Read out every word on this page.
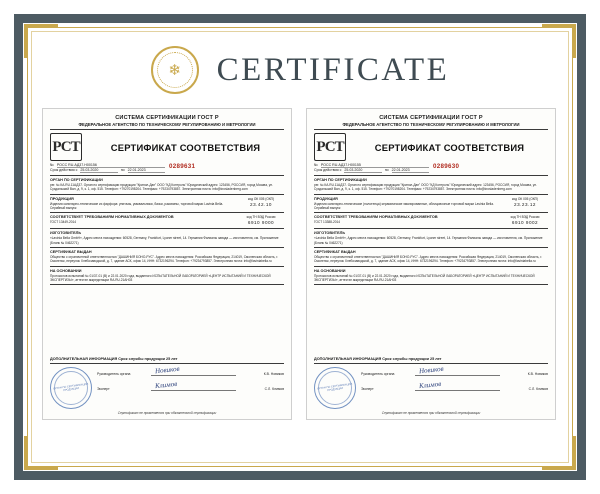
❄ CERTIFICATE
СИСТЕМА СЕРТИФИКАЦИИ ГОСТ Р
ФЕДЕРАЛЬНОЕ АГЕНТСТВО ПО ТЕХНИЧЕСКОМУ РЕГУЛИРОВАНИЮ И МЕТРОЛОГИИ
РСТ	СЕРТИФИКАТ СООТВЕТСТВИЯ
№ РОСС RU.АД37.Н00156
Срок действия с 25.03.2020	по 22.01.2023	0289631
ОРГАН ПО СЕРТИФИКАЦИИ
рег. № КА.RU.11АД37. Орган по сертификации продукции "Крипол-Дан" ООО "КД Контроль" Юридический адрес: 123456, РОССИЯ, город Москва, ул. Суздальский Вал, д. 9, к. 1, оф. 515. Телефон: +79270198204. Телефакс: +79234793857. Электронная почта: info@krosladenberg.com
ПРОДУКЦИЯ
Изделия санитарно-технические из фарфора: унитазы, умывальники, бачки, раковины, торговой марки Lavinia Bella. Серийный выпуск
код ОК 005 (ОКП)
23.42.10
СООТВЕТСТВУЕТ ТРЕБОВАНИЯМ НОРМАТИВНЫХ ДОКУМЕНТОВ
ГОСТ 13449-2014
код ТН ВЭД России
6910 9000
ИЗГОТОВИТЕЛЬ
«Lavinia Bella GmbH», Адрес места нахождения: 60528, Germany, Frankfurt, Lyoner street, 14. Германия Филиалы завода — изготовителя, см. Приложение (Бланк № 0462271)
СЕРТИФИКАТ ВЫДАН
Общество с ограниченной ответственностью "ДАШИНИЯ БОНО-РУС". Адрес места нахождения: Российская Федерация, 214019, Смоленская область, г. Смоленск, переулок Хлебозаводской, д. 7, здание АСК, офис 14, ИНН: 6732196294. Телефон: +79234793857. Электронная почта: info@laviniabella.ru
НА ОСНОВАНИИ
Протоколов испытаний № 01/37-01 (В) и 22.01.2020 года, выданного ИСПЫТАТЕЛЬНОЙ ЛАБОРАТОРИЕЙ «ЦЕНТР ИСПЫТАНИЙ И ТЕХНИЧЕСКОЙ ЭКСПЕРТИЗЫ», аттестат аккредитации RA.RU.21АН03
ДОПОЛНИТЕЛЬНАЯ ИНФОРМАЦИЯ Срок службы продукции 25 лет
ОРГАН ПО СЕРТИФИКАЦИИ ПРОДУКЦИИ
Руководитель органа	Новиков	К.В. Новиков
Эксперт	Климов	С.Л. Климов
Сертификат не применяется при обязательной сертификации
СИСТЕМА СЕРТИФИКАЦИИ ГОСТ Р
ФЕДЕРАЛЬНОЕ АГЕНТСТВО ПО ТЕХНИЧЕСКОМУ РЕГУЛИРОВАНИЮ И МЕТРОЛОГИИ
РСТ	СЕРТИФИКАТ СООТВЕТСТВИЯ
№ РОСС RU.АД37.Н00155
Срок действия с 25.03.2020	по 22.01.2023	0289630
ОРГАН ПО СЕРТИФИКАЦИИ
рег. № КА.RU.11АД37. Орган по сертификации продукции "Крипол-Дан" ООО "КД Контроль" Юридический адрес: 123456, РОССИЯ, город Москва, ул. Суздальский Вал, д. 9, к. 1, оф. 515. Телефон: +79270198204. Телефакс: +79234793857. Электронная почта: info@krosladenberg.com
ПРОДУКЦИЯ
Изделия санитарно-технические (полотенца) керамические эмалированные, облицовочные торговой марки Lavinia Bella. Серийный выпуск
код ОК 005 (ОКП)
23.23.12
СООТВЕТСТВУЕТ ТРЕБОВАНИЯМ НОРМАТИВНЫХ ДОКУМЕНТОВ
ГОСТ 13388-2014
код ТН ВЭД России
6910 9002
ИЗГОТОВИТЕЛЬ
«Lavinia Bella GmbH», Адрес места нахождения: 60528, Germany, Frankfurt, Lyoner street, 14. Германия Филиалы завода — изготовителя, см. Приложение (Бланк № 0462271)
СЕРТИФИКАТ ВЫДАН
Общество с ограниченной ответственностью "ДАШИНИЯ БОНО-РУС". Адрес места нахождения: Российская Федерация, 214019, Смоленская область, г. Смоленск, переулок Хлебозаводской, д. 7, здание АСК, офис 14, ИНН: 6732196294. Телефон: +79234793857. Электронная почта: info@laviniabella.ru
НА ОСНОВАНИИ
Протоколов испытаний № 01/37-01 (В) и 22.01.2020 года, выданного ИСПЫТАТЕЛЬНОЙ ЛАБОРАТОРИЕЙ «ЦЕНТР ИСПЫТАНИЙ И ТЕХНИЧЕСКОЙ ЭКСПЕРТИЗЫ», аттестат аккредитации RA.RU.21АН03
ДОПОЛНИТЕЛЬНАЯ ИНФОРМАЦИЯ Срок службы продукции 25 лет
ОРГАН ПО СЕРТИФИКАЦИИ ПРОДУКЦИИ
Руководитель органа	Новиков	К.В. Новиков
Эксперт	Климов	С.Л. Климов
Сертификат не применяется при обязательной сертификации
